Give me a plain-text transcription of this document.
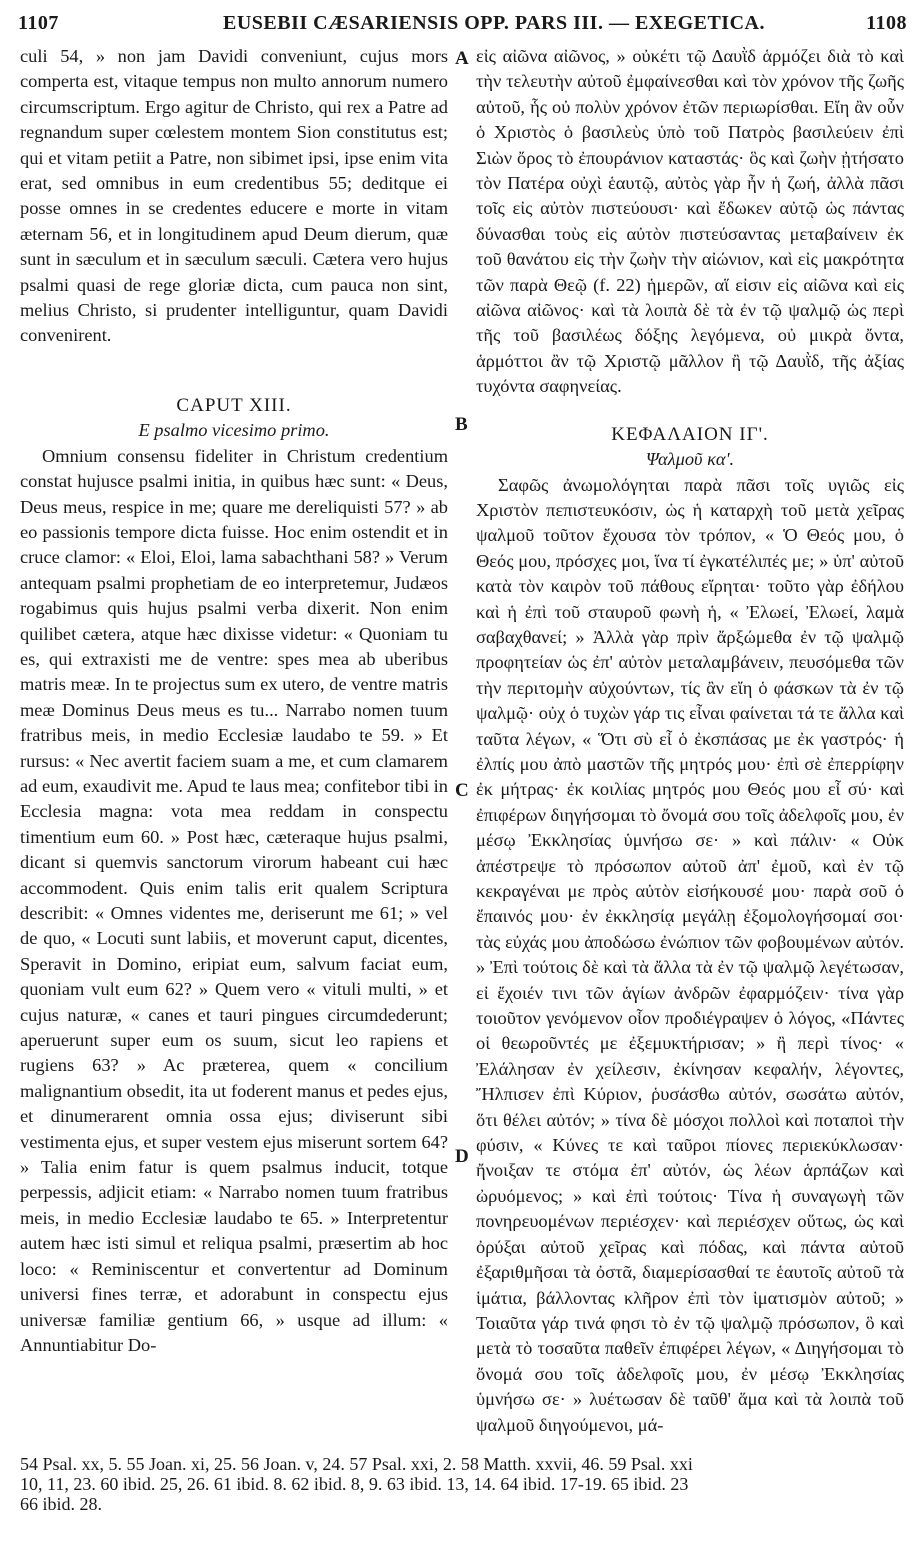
1107	EUSEBII CÆSARIENSIS OPP. PARS III. — EXEGETICA.	1108

culi 54, » non jam Davidi conveniunt, cujus mors comperta est, vitaque tempus non multo annorum numero circumscriptum. Ergo agitur de Christo, qui rex a Patre ad regnandum super cœlestem montem Sion constitutus est; qui et vitam petiit a Patre, non sibimet ipsi, ipse enim vita erat, sed omnibus in eum credentibus 55; deditque ei posse omnes in se credentes educere e morte in vitam æternam 56, et in longitudinem apud Deum dierum, quæ sunt in sæculum et in sæculum sæculi. Cætera vero hujus psalmi quasi de rege gloriæ dicta, cum pauca non sint, melius Christo, si prudenter intelliguntur, quam Davidi convenirent.

CAPUT XIII.

E psalmo vicesimo primo.

Omnium consensu fideliter in Christum credentium constat hujusce psalmi initia, in quibus hæc sunt: « Deus, Deus meus, respice in me; quare me dereliquisti 57? » ab eo passionis tempore dicta fuisse. Hoc enim ostendit et in cruce clamor: « Eloi, Eloi, lama sabachthani 58? » Verum antequam psalmi prophetiam de eo interpretemur, Judæos rogabimus quis hujus psalmi verba dixerit. Non enim quilibet cætera, atque hæc dixisse videtur: « Quoniam tu es, qui extraxisti me de ventre: spes mea ab uberibus matris meæ. In te projectus sum ex utero, de ventre matris meæ Dominus Deus meus es tu... Narrabo nomen tuum fratribus meis, in medio Ecclesiæ laudabo te 59. » Et rursus: « Nec avertit faciem suam a me, et cum clamarem ad eum, exaudivit me. Apud te laus mea; confitebor tibi in Ecclesia magna: vota mea reddam in conspectu timentium eum 60. » Post hæc, cæteraque hujus psalmi, dicant si quemvis sanctorum virorum habeant cui hæc accommodent. Quis enim talis erit qualem Scriptura describit: « Omnes videntes me, deriserunt me 61; » vel de quo, « Locuti sunt labiis, et moverunt caput, dicentes, Speravit in Domino, eripiat eum, salvum faciat eum, quoniam vult eum 62? » Quem vero « vituli multi, » et cujus naturæ, « canes et tauri pingues circumdederunt; aperuerunt super eum os suum, sicut leo rapiens et rugiens 63? » Ac præterea, quem « concilium malignantium obsedit, ita ut foderent manus et pedes ejus, et dinumerarent omnia ossa ejus; diviserunt sibi vestimenta ejus, et super vestem ejus miserunt sortem 64? » Talia enim fatur is quem psalmus inducit, totque perpessis, adjicit etiam: « Narrabo nomen tuum fratribus meis, in medio Ecclesiæ laudabo te 65. » Interpretentur autem hæc isti simul et reliqua psalmi, præsertim ab hoc loco: « Reminiscentur et convertentur ad Dominum universi fines terræ, et adorabunt in conspectu ejus universæ familiæ gentium 66, » usque ad illum: « Annuntiabitur Do-

εἰς αἰῶνα αἰῶνος, » οὐκέτι τῷ Δαυῒδ ἁρμόζει διὰ τὸ καὶ τὴν τελευτὴν αὐτοῦ ἐμφαίνεσθαι καὶ τὸν χρόνον τῆς ζωῆς αὐτοῦ, ἧς οὐ πολὺν χρόνον ἐτῶν περιωρίσθαι. Εἴη ἂν οὖν ὁ Χριστὸς ὁ βασιλεὺς ὑπὸ τοῦ Πατρὸς βασιλεύειν ἐπὶ Σιὼν ὄρος τὸ ἐπουράνιον καταστάς· ὃς καὶ ζωὴν ᾐτήσατο τὸν Πατέρα οὐχὶ ἑαυτῷ, αὐτὸς γὰρ ἦν ἡ ζωή, ἀλλὰ πᾶσι τοῖς εἰς αὐτὸν πιστεύουσι· καὶ ἔδωκεν αὐτῷ ὡς πάντας δύνασθαι τοὺς εἰς αὐτὸν πιστεύσαντας μεταβαίνειν ἐκ τοῦ θανάτου εἰς τὴν ζωὴν τὴν αἰώνιον, καὶ εἰς μακρότητα τῶν παρὰ Θεῷ (f. 22) ἡμερῶν, αἵ εἰσιν εἰς αἰῶνα καὶ εἰς αἰῶνα αἰῶνος· καὶ τὰ λοιπὰ δὲ τὰ ἐν τῷ ψαλμῷ ὡς περὶ τῆς τοῦ βασιλέως δόξης λεγόμενα, οὐ μικρὰ ὄντα, ἁρμόττοι ἂν τῷ Χριστῷ μᾶλλον ἢ τῷ Δαυῒδ, τῆς ἀξίας τυχόντα σαφηνείας.

ΚΕΦΑΛΑΙΟΝ ΙΓ'.

Ψαλμοῦ κα'.

Σαφῶς ἀνωμολόγηται παρὰ πᾶσι τοῖς υγιῶς εἰς Χριστὸν πεπιστευκόσιν, ὡς ἡ καταρχὴ τοῦ μετὰ χεῖρας ψαλμοῦ τοῦτον ἔχουσα τὸν τρόπον, « Ὁ Θεός μου, ὁ Θεός μου, πρόσχες μοι, ἵνα τί ἐγκατέλιπές με; » ὑπ' αὐτοῦ κατὰ τὸν καιρὸν τοῦ πάθους εἴρηται· τοῦτο γὰρ ἐδήλου καὶ ἡ ἐπὶ τοῦ σταυροῦ φωνὴ ἡ, « Ἐλωεί, Ἐλωεί, λαμὰ σαβαχθανεί; » Ἀλλὰ γὰρ πρὶν ἄρξώμεθα ἐν τῷ ψαλμῷ προφητείαν ὡς ἐπ' αὐτὸν μεταλαμβάνειν, πευσόμεθα τῶν τὴν περιτομὴν αὐχούντων, τίς ἂν εἴη ὁ φάσκων τὰ ἐν τῷ ψαλμῷ· οὐχ ὁ τυχὼν γάρ τις εἶναι φαίνεται τά τε ἄλλα καὶ ταῦτα λέγων, « Ὅτι σὺ εἶ ὁ ἐκσπάσας με ἐκ γαστρός· ἡ ἐλπίς μου ἀπὸ μαστῶν τῆς μητρός μου· ἐπὶ σὲ ἐπερρίφην ἐκ μήτρας· ἐκ κοιλίας μητρός μου Θεός μου εἶ σύ· καὶ ἐπιφέρων διηγήσομαι τὸ ὄνομά σου τοῖς ἀδελφοῖς μου, ἐν μέσῳ Ἐκκλησίας ὑμνήσω σε· » καὶ πάλιν· « Οὐκ ἀπέστρεψε τὸ πρόσωπον αὐτοῦ ἀπ' ἐμοῦ, καὶ ἐν τῷ κεκραγέναι με πρὸς αὐτὸν εἰσήκουσέ μου· παρὰ σοῦ ὁ ἔπαινός μου· ἐν ἐκκλησίᾳ μεγάλῃ ἐξομολογήσομαί σοι· τὰς εὐχάς μου ἀποδώσω ἐνώπιον τῶν φοβουμένων αὐτόν. » Ἐπὶ τούτοις δὲ καὶ τὰ ἄλλα τὰ ἐν τῷ ψαλμῷ λεγέτωσαν, εἰ ἔχοιέν τινι τῶν ἁγίων ἀνδρῶν ἐφαρμόζειν· τίνα γὰρ τοιοῦτον γενόμενον οἷον προδιέγραψεν ὁ λόγος, «Πάντες οἱ θεωροῦντές με ἐξεμυκτήρισαν; » ἢ περὶ τίνος· « Ἐλάλησαν ἐν χείλεσιν, ἐκίνησαν κεφαλήν, λέγοντες, Ἤλπισεν ἐπὶ Κύριον, ῥυσάσθω αὐτόν, σωσάτω αὐτόν, ὅτι θέλει αὐτόν; » τίνα δὲ μόσχοι πολλοὶ καὶ ποταποὶ τὴν φύσιν, « Κύνες τε καὶ ταῦροι πίονες περιεκύκλωσαν· ἤνοιξαν τε στόμα ἐπ' αὐτόν, ὡς λέων ἁρπάζων καὶ ὠρυόμενος; » καὶ ἐπὶ τούτοις· Τίνα ἡ συναγωγὴ τῶν πονηρευομένων περιέσχεν· καὶ περιέσχεν οὕτως, ὡς καὶ ὀρύξαι αὐτοῦ χεῖρας καὶ πόδας, καὶ πάντα αὐτοῦ ἐξαριθμῆσαι τὰ ὀστᾶ, διαμερίσασθαί τε ἑαυτοῖς αὐτοῦ τὰ ἱμάτια, βάλλοντας κλῆρον ἐπὶ τὸν ἱματισμὸν αὐτοῦ; » Τοιαῦτα γάρ τινά φησι τὸ ἐν τῷ ψαλμῷ πρόσωπον, ὃ καὶ μετὰ τὸ τοσαῦτα παθεῖν ἐπιφέρει λέγων, « Διηγήσομαι τὸ ὄνομά σου τοῖς ἀδελφοῖς μου, ἐν μέσῳ Ἐκκλησίας ὑμνήσω σε· » λυέτωσαν δὲ ταῦθ' ἅμα καὶ τὰ λοιπὰ τοῦ ψαλμοῦ διηγούμενοι, μά-

A
B
C
D

54 Psal. xx, 5. 55 Joan. xi, 25. 56 Joan. v, 24. 57 Psal. xxi, 2. 58 Matth. xxvii, 46. 59 Psal. xxi

10, 11, 23. 60 ibid. 25, 26. 61 ibid. 8. 62 ibid. 8, 9. 63 ibid. 13, 14. 64 ibid. 17-19. 65 ibid. 23

66 ibid. 28.
